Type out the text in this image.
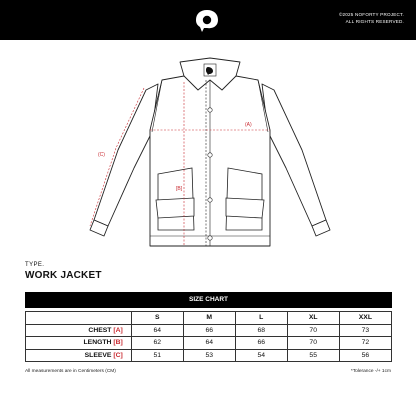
©2025 NOFORTY PROJECT.
ALL RIGHTS RESERVED.
(A)
[B]
(C)
TYPE.
WORK JACKET
SIZE CHART
	S	M	L	XL	XXL
CHEST [A]	64	66	68	70	73
LENGTH [B]	62	64	66	70	72
SLEEVE [C]	51	53	54	55	56
All measurements are in Centimeters (CM)	*Tolerance -/+ 1cm
